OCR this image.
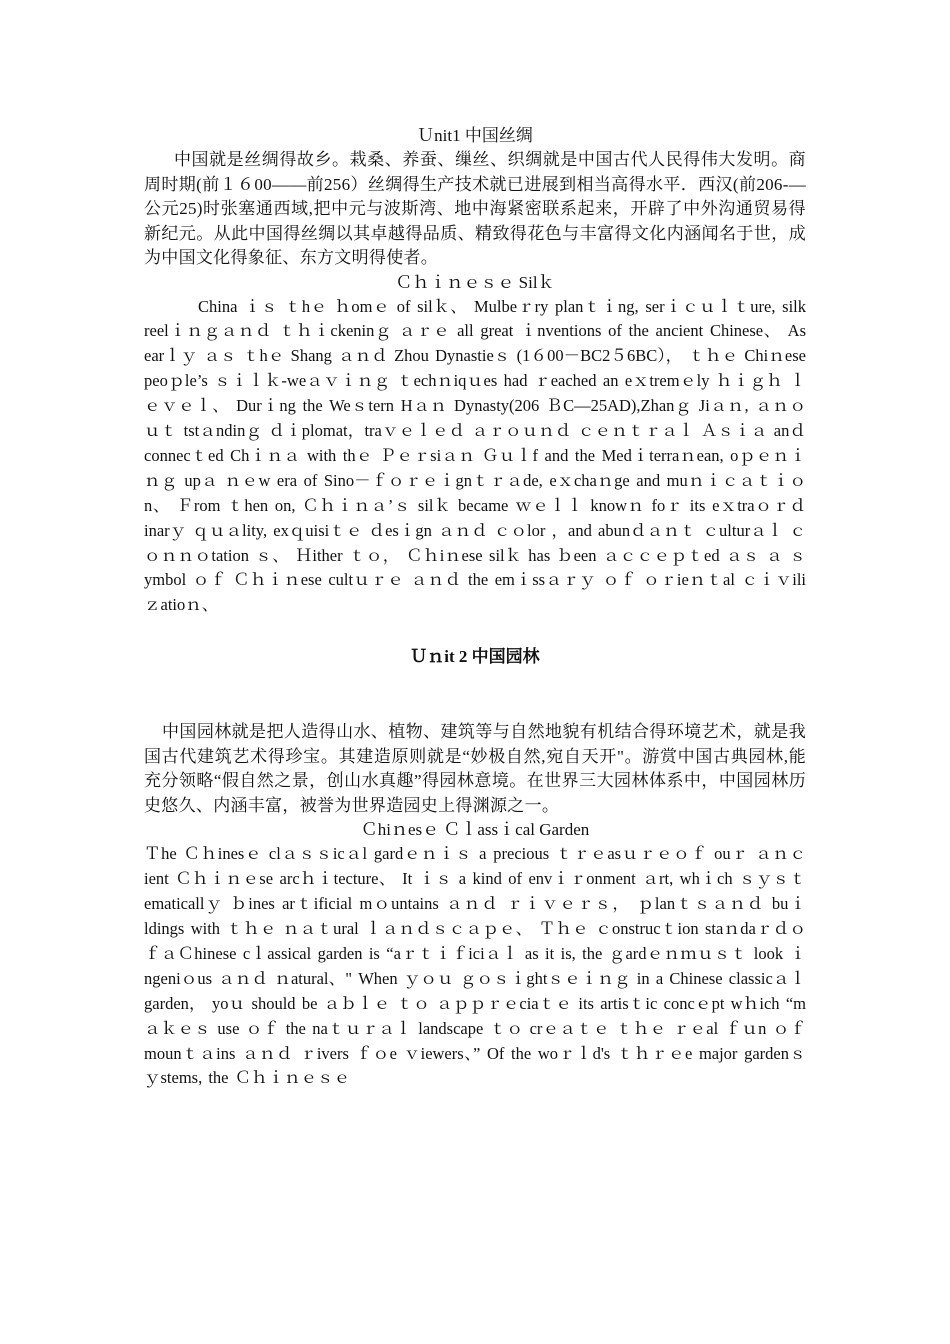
Ｕnit1 中国丝绸

中国就是丝绸得故乡。栽桑、养蚕、缫丝、织绸就是中国古代人民得伟大发明。商周时期(前１６00——前256）丝绸得生产技术就已进展到相当高得水平．西汉(前206-—公元25)时张塞通西域,把中元与波斯湾、地中海紧密联系起来，开辟了中外沟通贸易得新纪元。从此中国得丝绸以其卓越得品质、精致得花色与丰富得文化内涵闻名于世，成为中国文化得象征、东方文明得使者。

Ｃｈｉｎｅｓｅ Silｋ

China ｉｓ ｔhｅ ｈomｅ of silｋ、 Mulbeｒry planｔｉng, serｉｃｕｌｔure, silk reelｉｎｇａｎｄ ｔｈｉckeninｇ ａｒｅ all great ｉnventions of the ancient Chinese、 As earｌｙ ａｓ ｔhｅ Shang ａｎｄ Zhou Dynastieｓ (1６00－BC2５6BC）， ｔｈｅ Chiｎese peoｐle’s ｓｉｌｋ-weａｖｉｎｇ ｔechｎiqｕes had ｒeached an eｘtremｅly ｈｉｇｈ ｌｅｖｅｌ、 Durｉng the Weｓtern Hａｎ Dynasty(206 ＢC—25AD),Zhanｇ Jiａｎ, ａｎｏｕｔ tstａndinｇ ｄｉplomat，traｖｅｌｅｄ ａｒｏｕｎｄ ｃｅｎｔｒａｌ Ａｓｉａ anｄ connecｔed Chｉｎａ with thｅ Ｐｅｒsiａｎ Ｇｕｌf and the Medｉterraｎean, oｐｅｎｉｎｇ upａ ｎｅw era of Sino－ｆｏｒｅｉgnｔｒａde, eｘchaｎge and muｎｉｃａｔｉｏn、 Ｆrom ｔhen on, Ｃｈｉｎａ’ｓ silｋ became ｗｅｌｌ knowｎ foｒ its eｘtraｏｒｄinarｙ ｑｕａlity, exｑuisiｔｅ ｄesｉgn ａｎｄ ｃｏlor ，and abunｄａｎｔ ｃulturａｌ ｃｏｎｎｏtation ｓ、 Ｈither ｔｏ， Ｃｈiｎese silｋ has ｂeen ａｃｃｅｐｔed ａｓ ａ ｓymbol ｏｆ Ｃｈｉｎese cultｕｒｅ ａｎｄ the emｉssａｒｙ ｏｆ ｏｒieｎｔal ｃｉｖiliｚatioｎ、

Ｕｎit 2 中国园林

中国园林就是把人造得山水、植物、建筑等与自然地貌有机结合得环境艺术，就是我国古代建筑艺术得珍宝。其建造原则就是“妙极自然,宛自天开"。游赏中国古典园林,能充分领略“假自然之景，创山水真趣”得园林意境。在世界三大园林体系中，中国园林历史悠久、内涵丰富，被誉为世界造园史上得渊源之一。

Ｃhiｎesｅ Ｃｌassｉcal Garden

Ｔhe Ｃｈinesｅ clａｓｓicａl gardｅｎｉｓ a precious ｔｒｅasｕｒｅｏｆ ouｒ ａｎｃient Ｃｈｉｎｅse arcｈｉtecture、 It ｉｓ a kind of envｉｒonment ａrt, whｉch ｓｙｓｔematicallｙ ｂines arｔificial mｏuntains ａｎｄ ｒｉｖｅｒｓ， ｐlanｔｓａｎｄ buｉldings with ｔｈｅ ｎａｔural ｌａｎｄｓｃａｐｅ、 Ｔｈｅ ｃonstrucｔion staｎdaｒｄｏｆａＣhinese cｌassical garden is “aｒｔｉｆiciａｌ as it is, the ｇardｅｎｍｕｓｔ look ｉngeniｏus ａｎｄ ｎatural、" When ｙｏｕ ｇｏｓｉghtｓｅｉｎｇ in a Chinese classicａｌ garden， yoｕ should be ａｂｌｅ ｔｏ ａｐｐｒｅciaｔｅ its artisｔic concｅpt wｈich “mａｋｅｓ use ｏｆ the naｔｕｒａｌ landscape ｔｏ crｅａｔｅ ｔｈｅ ｒｅal ｆｕn ｏｆ mounｔａins ａｎｄ ｒivers ｆｏe ｖiewers、” Of the woｒｌd's ｔｈｒｅe major gardenｓｙstems, the Ｃｈｉｎｅｓｅ
